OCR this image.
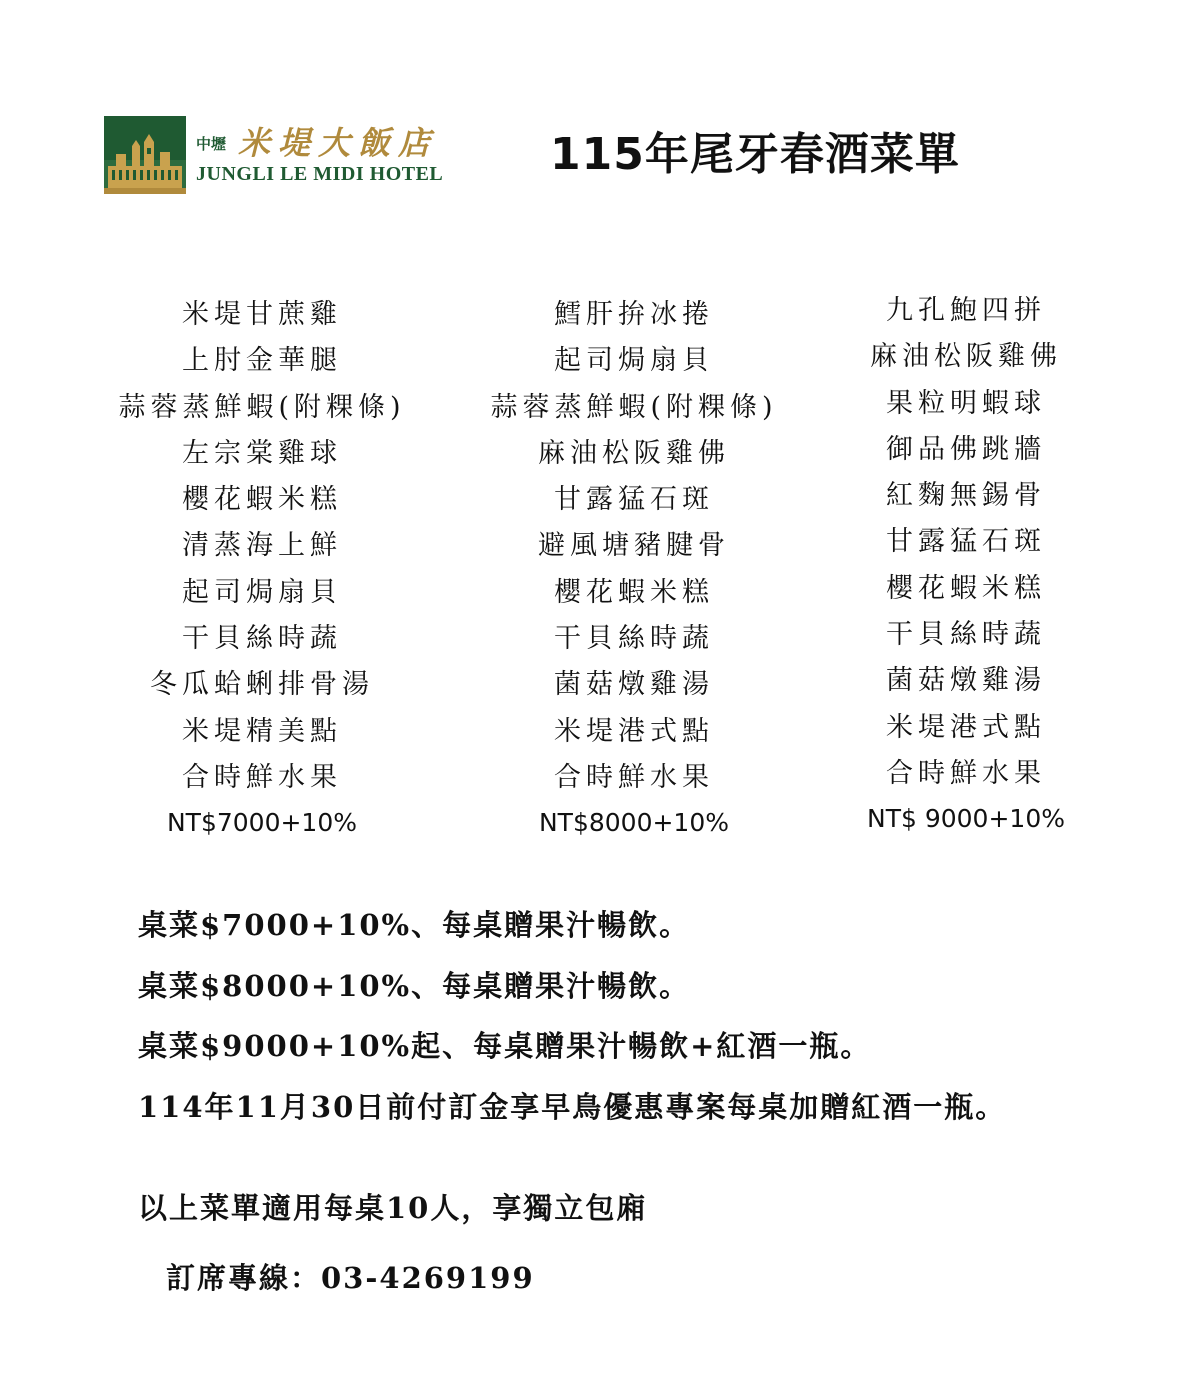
中壢 米堤大飯店
JUNGLI LE MIDI HOTEL 115年尾牙春酒菜單
米堤甘蔗雞
上肘金華腿
蒜蓉蒸鮮蝦(附粿條)
左宗棠雞球
櫻花蝦米糕
清蒸海上鮮
起司焗扇貝
干貝絲時蔬
冬瓜蛤蜊排骨湯
米堤精美點
合時鮮水果
NT$7000+10%
鱈肝拚冰捲
起司焗扇貝
蒜蓉蒸鮮蝦(附粿條)
麻油松阪雞佛
甘露猛石斑
避風塘豬腱骨
櫻花蝦米糕
干貝絲時蔬
菌菇燉雞湯
米堤港式點
合時鮮水果
NT$8000+10%
九孔鮑四拼
麻油松阪雞佛
果粒明蝦球
御品佛跳牆
紅麴無錫骨
甘露猛石斑
櫻花蝦米糕
干貝絲時蔬
菌菇燉雞湯
米堤港式點
合時鮮水果
NT$ 9000+10%
桌菜$7000+10%、每桌贈果汁暢飲。
桌菜$8000+10%、每桌贈果汁暢飲。
桌菜$9000+10%起、每桌贈果汁暢飲+紅酒一瓶。
114年11月30日前付訂金享早鳥優惠專案每桌加贈紅酒一瓶。
以上菜單適用每桌10人，享獨立包廂
訂席專線：03-4269199
